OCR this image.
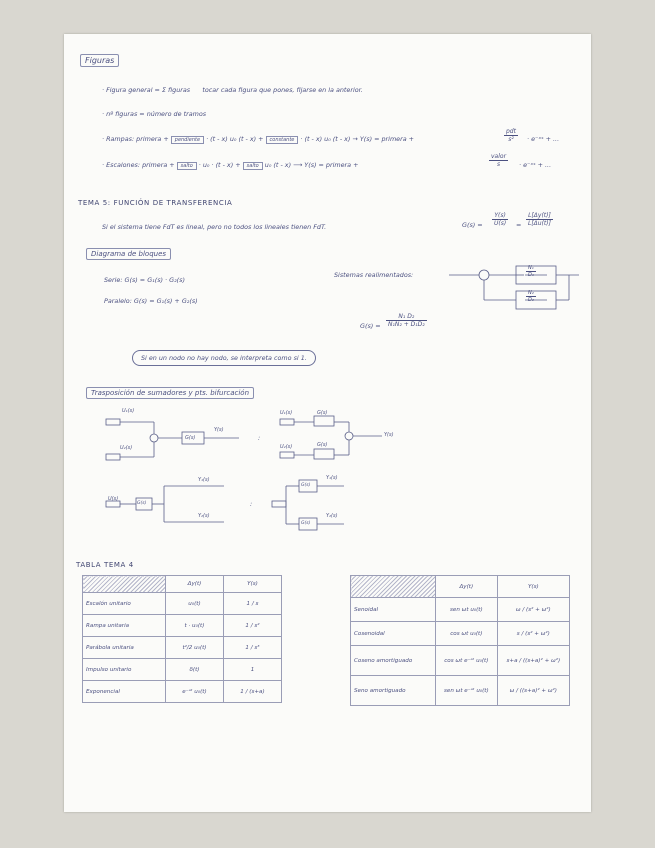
Figuras
· Figura general = Σ figuras tocar cada figura que pones, fijarse en la anterior.
· nº figuras = número de tramos
· Rampas: primera + pendiente · (t - x) u₀ (t - x) + constante · (t - x) u₀ (t - x) → Y(s) = primera +
pdt
s²	· e⁻ˣˢ + ...
· Escalones: primera + salto · u₀ · (t - x) + salto u₀ (t - x) ⟶ Y(s) = primera +
valor
s	· e⁻ˣˢ + ...
TEMA 5: FUNCIÓN DE TRANSFERENCIA
Si el sistema tiene FdT es lineal, pero no todos los lineales tienen FdT.	$G(s) = \frac{Y(s)}{U(s)} = \frac{L[\Delta y(t)]}{L[\Delta u(t)]}$
Diagrama de bloques
Serie: G(s) = G₁(s) · G₂(s)
Paralelo: G(s) = G₁(s) + G₂(s)
Sistemas realimentados:	$\frac{\text{N₁}}{\text{D₁}}$
$\frac{\text{N₂}}{\text{D₂}}$
$G(s) = \frac{\text{N₁ D₂}}{\text{N₁N₂ + D₁D₂}}$
Si en un nodo no hay nodo, se interpreta como si 1.
Trasposición de sumadores y pts. bifurcación
U₁(s)
U₂(s)
G(s)
Y(s)
:
U₁(s)	G(s)
U₂(s)	G(s)
Y(s)
U(s)
G(s)
Y₁(s)
Y₂(s)
:
G(s)
G(s)
Y₁(s)
Y₂(s)
TABLA TEMA 4
	Δy(t)	Y(s)
Escalón unitario	u₀(t)	1 / s
Rampa unitaria	t · u₀(t)	1 / s²
Parábola unitaria	t²/2 u₀(t)	1 / s³
Impulso unitario	δ(t)	1
Exponencial	e⁻ᵃᵗ u₀(t)	1 / (s+a)
	Δy(t)	Y(s)
Senoidal	sen ωt u₀(t)	ω / (s² + ω²)
Cosenoidal	cos ωt u₀(t)	s / (s² + ω²)
Coseno amortiguado	cos ωt e⁻ᵃᵗ u₀(t)	s+a / ((s+a)² + ω²)
Seno amortiguado	sen ωt e⁻ᵃᵗ u₀(t)	ω / ((s+a)² + ω²)
